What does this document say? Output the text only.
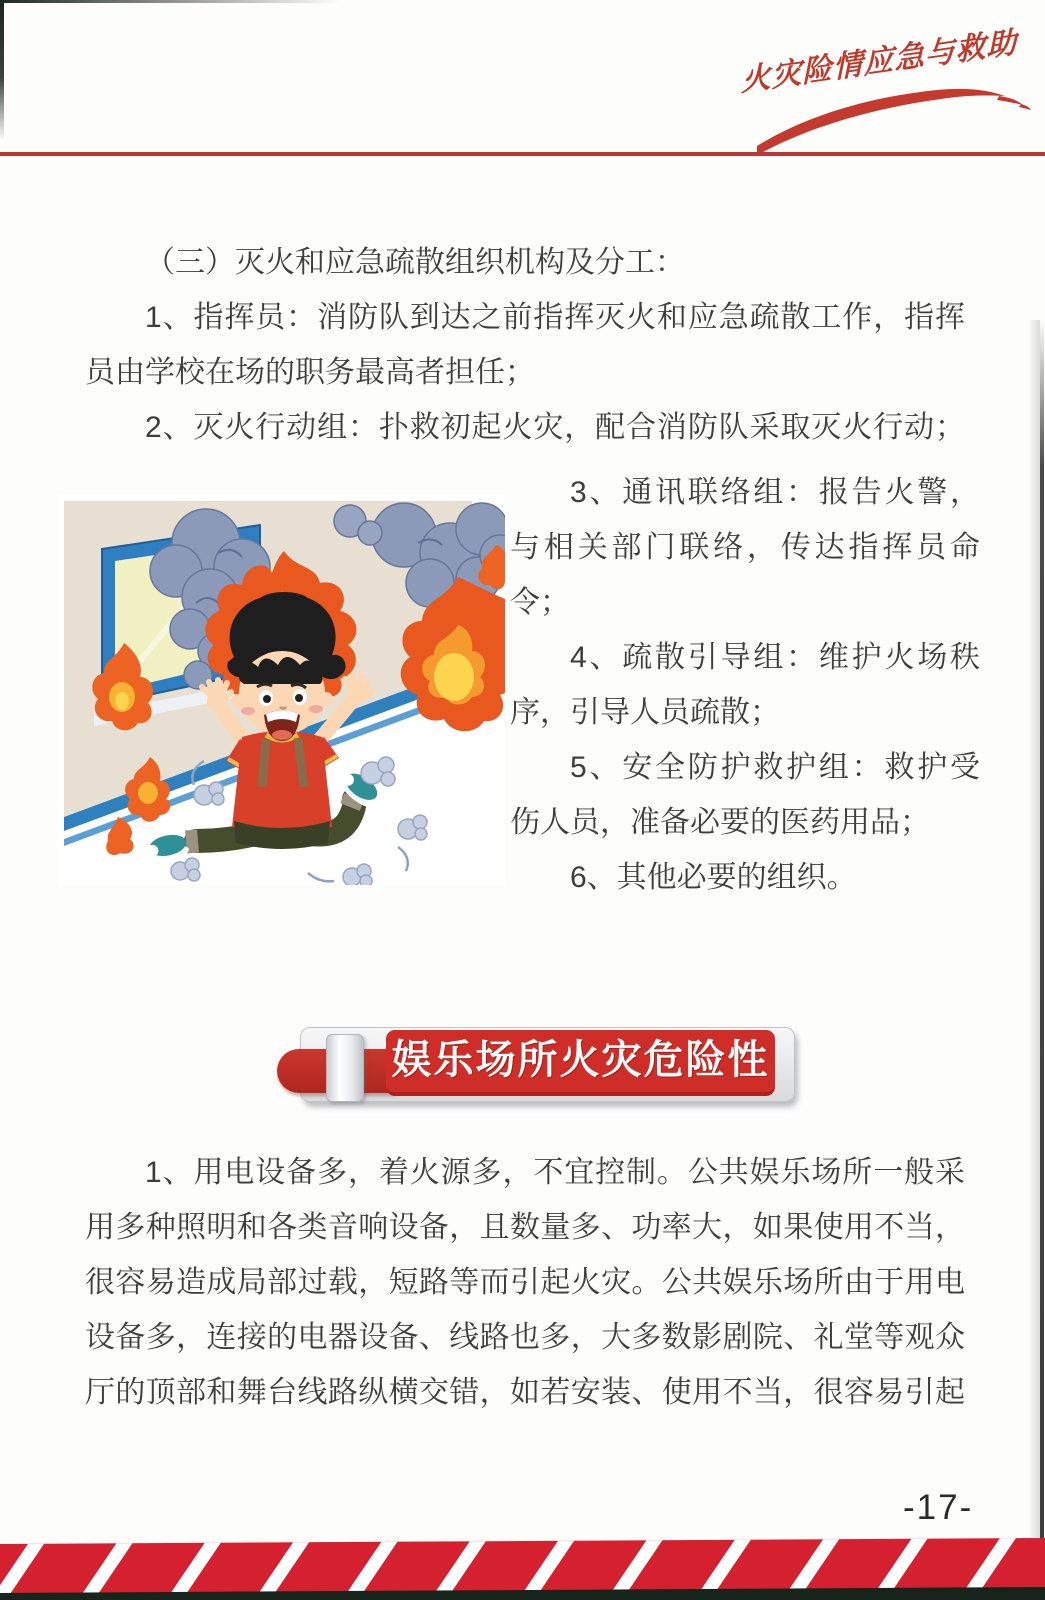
火灾险情应急与救助
（三）灭火和应急疏散组织机构及分工：
1、指挥员：消防队到达之前指挥灭火和应急疏散工作，指挥
员由学校在场的职务最高者担任；
2、灭火行动组：扑救初起火灾，配合消防队采取灭火行动；
3、通讯联络组：报告火警，
与相关部门联络，传达指挥员命
令；
4、疏散引导组：维护火场秩
序，引导人员疏散；
5、安全防护救护组：救护受
伤人员，准备必要的医药用品；
6、其他必要的组织。
娱乐场所火灾危险性
1、用电设备多，着火源多，不宜控制。公共娱乐场所一般采
用多种照明和各类音响设备，且数量多、功率大，如果使用不当，
很容易造成局部过载，短路等而引起火灾。公共娱乐场所由于用电
设备多，连接的电器设备、线路也多，大多数影剧院、礼堂等观众
厅的顶部和舞台线路纵横交错，如若安装、使用不当，很容易引起
-17-
